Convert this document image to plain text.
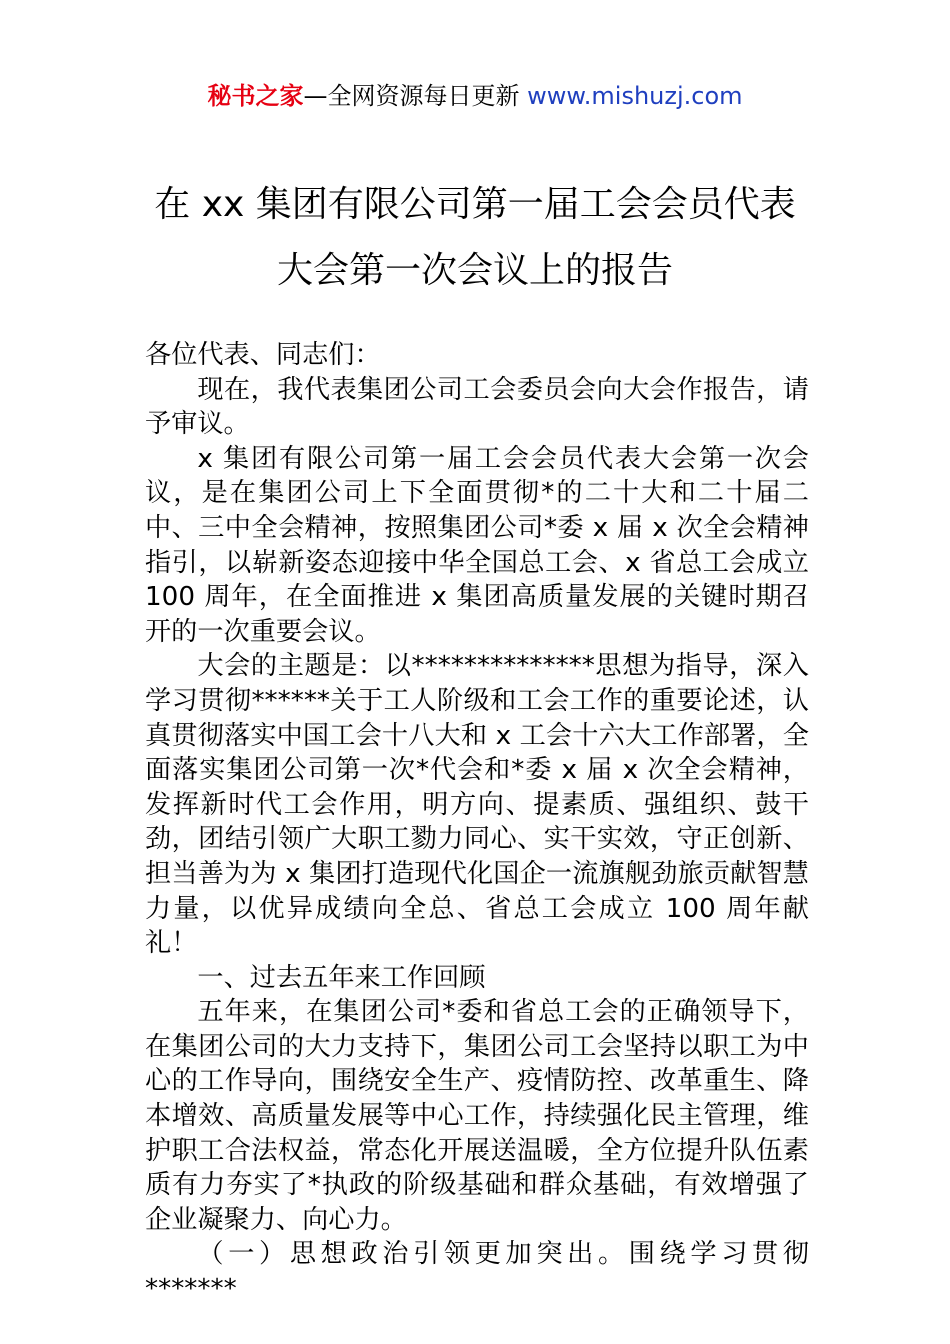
秘书之家—全网资源每日更新 www.mishuzj.com
在 xx 集团有限公司第一届工会会员代表
大会第一次会议上的报告

各位代表、同志们：

现在，我代表集团公司工会委员会向大会作报告，请予审议。

x 集团有限公司第一届工会会员代表大会第一次会议，是在集团公司上下全面贯彻*的二十大和二十届二中、三中全会精神，按照集团公司*委 x 届 x 次全会精神指引，以崭新姿态迎接中华全国总工会、x 省总工会成立 100 周年，在全面推进 x 集团高质量发展的关键时期召开的一次重要会议。

大会的主题是：以**************思想为指导，深入学习贯彻******关于工人阶级和工会工作的重要论述，认真贯彻落实中国工会十八大和 x 工会十六大工作部署，全面落实集团公司第一次*代会和*委 x 届 x 次全会精神，发挥新时代工会作用，明方向、提素质、强组织、鼓干劲，团结引领广大职工勠力同心、实干实效，守正创新、担当善为为 x 集团打造现代化国企一流旗舰劲旅贡献智慧力量，以优异成绩向全总、省总工会成立 100 周年献礼！

一、过去五年来工作回顾

五年来，在集团公司*委和省总工会的正确领导下，在集团公司的大力支持下，集团公司工会坚持以职工为中心的工作导向，围绕安全生产、疫情防控、改革重生、降本增效、高质量发展等中心工作，持续强化民主管理，维护职工合法权益，常态化开展送温暖，全方位提升队伍素质有力夯实了*执政的阶级基础和群众基础，有效增强了企业凝聚力、向心力。

（一）思想政治引领更加突出。围绕学习贯彻*******
